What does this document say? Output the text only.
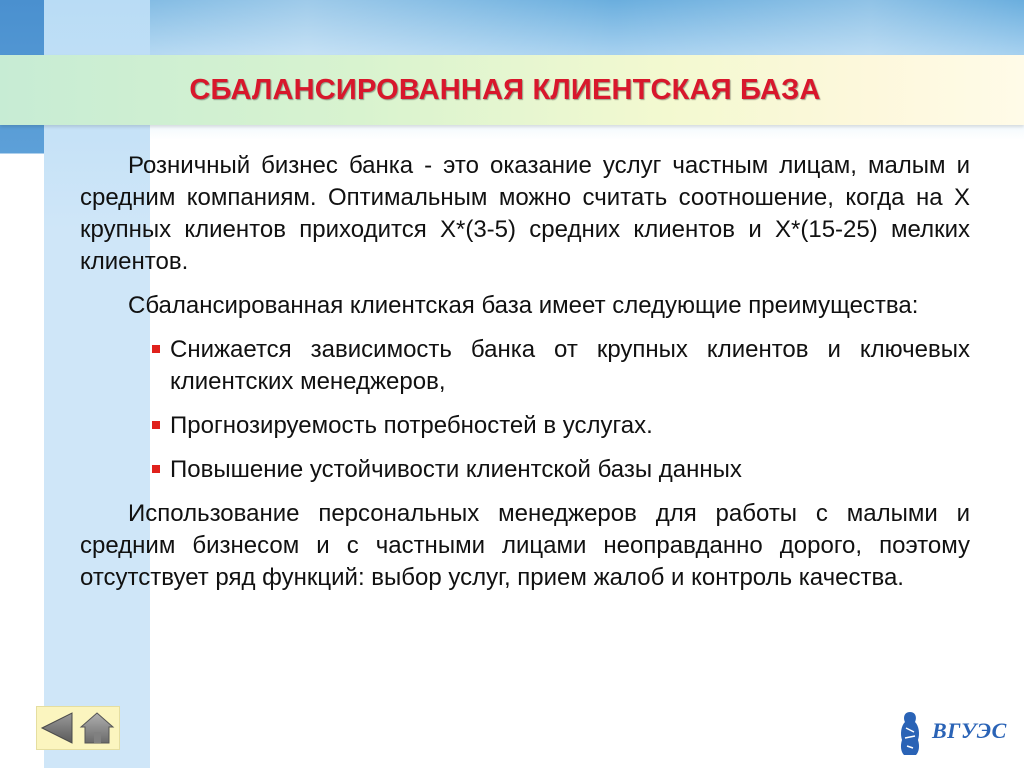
СБАЛАНСИРОВАННАЯ КЛИЕНТСКАЯ БАЗА

Розничный бизнес банка - это оказание услуг частным лицам, малым и средним компаниям. Оптимальным можно считать соотношение, когда на Х крупных клиентов приходится Х*(3-5) средних клиентов и Х*(15-25) мелких клиентов.

Сбалансированная клиентская база имеет следующие преимущества:

Снижается зависимость банка от крупных клиентов и ключевых клиентских менеджеров,
Прогнозируемость потребностей в услугах.
Повышение устойчивости клиентской базы данных

Использование персональных менеджеров для работы с малыми и средним бизнесом и с частными лицами неоправданно дорого, поэтому отсутствует ряд функций: выбор услуг, прием жалоб и контроль качества.

ВГУЭС
